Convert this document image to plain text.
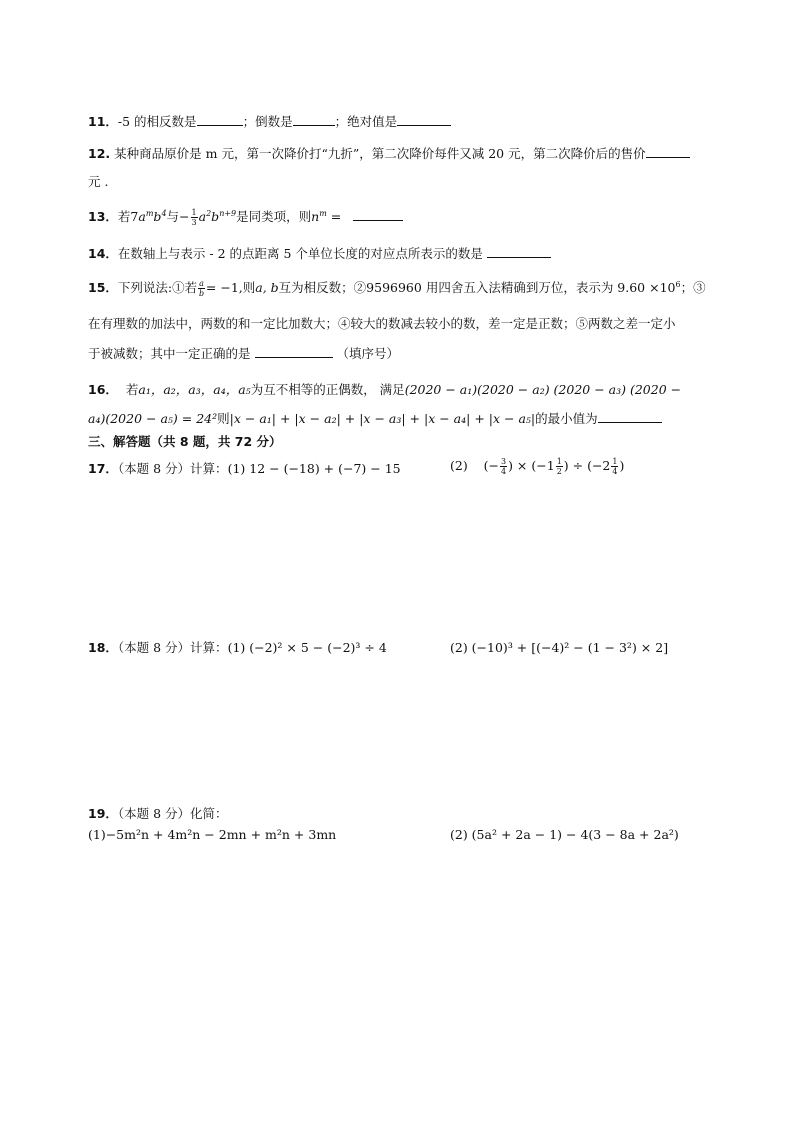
11．-5 的相反数是	；倒数是	；绝对值是
12. 某种商品原价是 m 元，第一次降价打“九折”，第二次降价每件又减 20 元，第二次降价后的售价
元 .
13．若$7a^mb^4$与− $\frac{1}{3} a^2b^{n+9}$是同类项，则$n^m$ =
14．在数轴上与表示 - 2 的点距离 5 个单位长度的对应点所表示的数是
15．下列说法:①若 $\frac{a}{b} = -1$,则a, b互为相反数；②9596960 用四舍五入法精确到万位，表示为 $9.60 \times 10^6$；③
在有理数的加法中，两数的和一定比加数大；④较大的数减去较小的数，差一定是正数；⑤两数之差一定小
于被减数；其中一定正确的是	（填序号）
16． 若a₁，a₂，a₃，a₄，a₅为互不相等的正偶数， 满足(2020 − a₁)(2020 − a₂) (2020 − a₃) (2020 −
a₄)(2020 − a₅) = 24²则|x − a₁| + |x − a₂| + |x − a₃| + |x − a₄| + |x − a₅|的最小值为
三、解答题（共 8 题，共 72 分）
17．（本题 8 分）计算：(1) 12 − (−18) + (−7) − 15	(2) (− $\frac{3}{4}$ ) × ($-1 \frac{1}{2}$ ) ÷ ($-2 \frac{1}{4}$ )
18．（本题 8 分）计算：(1) (−2)² × 5 − (−2)³ ÷ 4	(2) (−10)³ + [(−4)² − (1 − 3²) × 2]
19．（本题 8 分）化简：
(1)−5m²n + 4m²n − 2mn + m²n + 3mn	(2) (5a² + 2a − 1) − 4(3 − 8a + 2a²)
